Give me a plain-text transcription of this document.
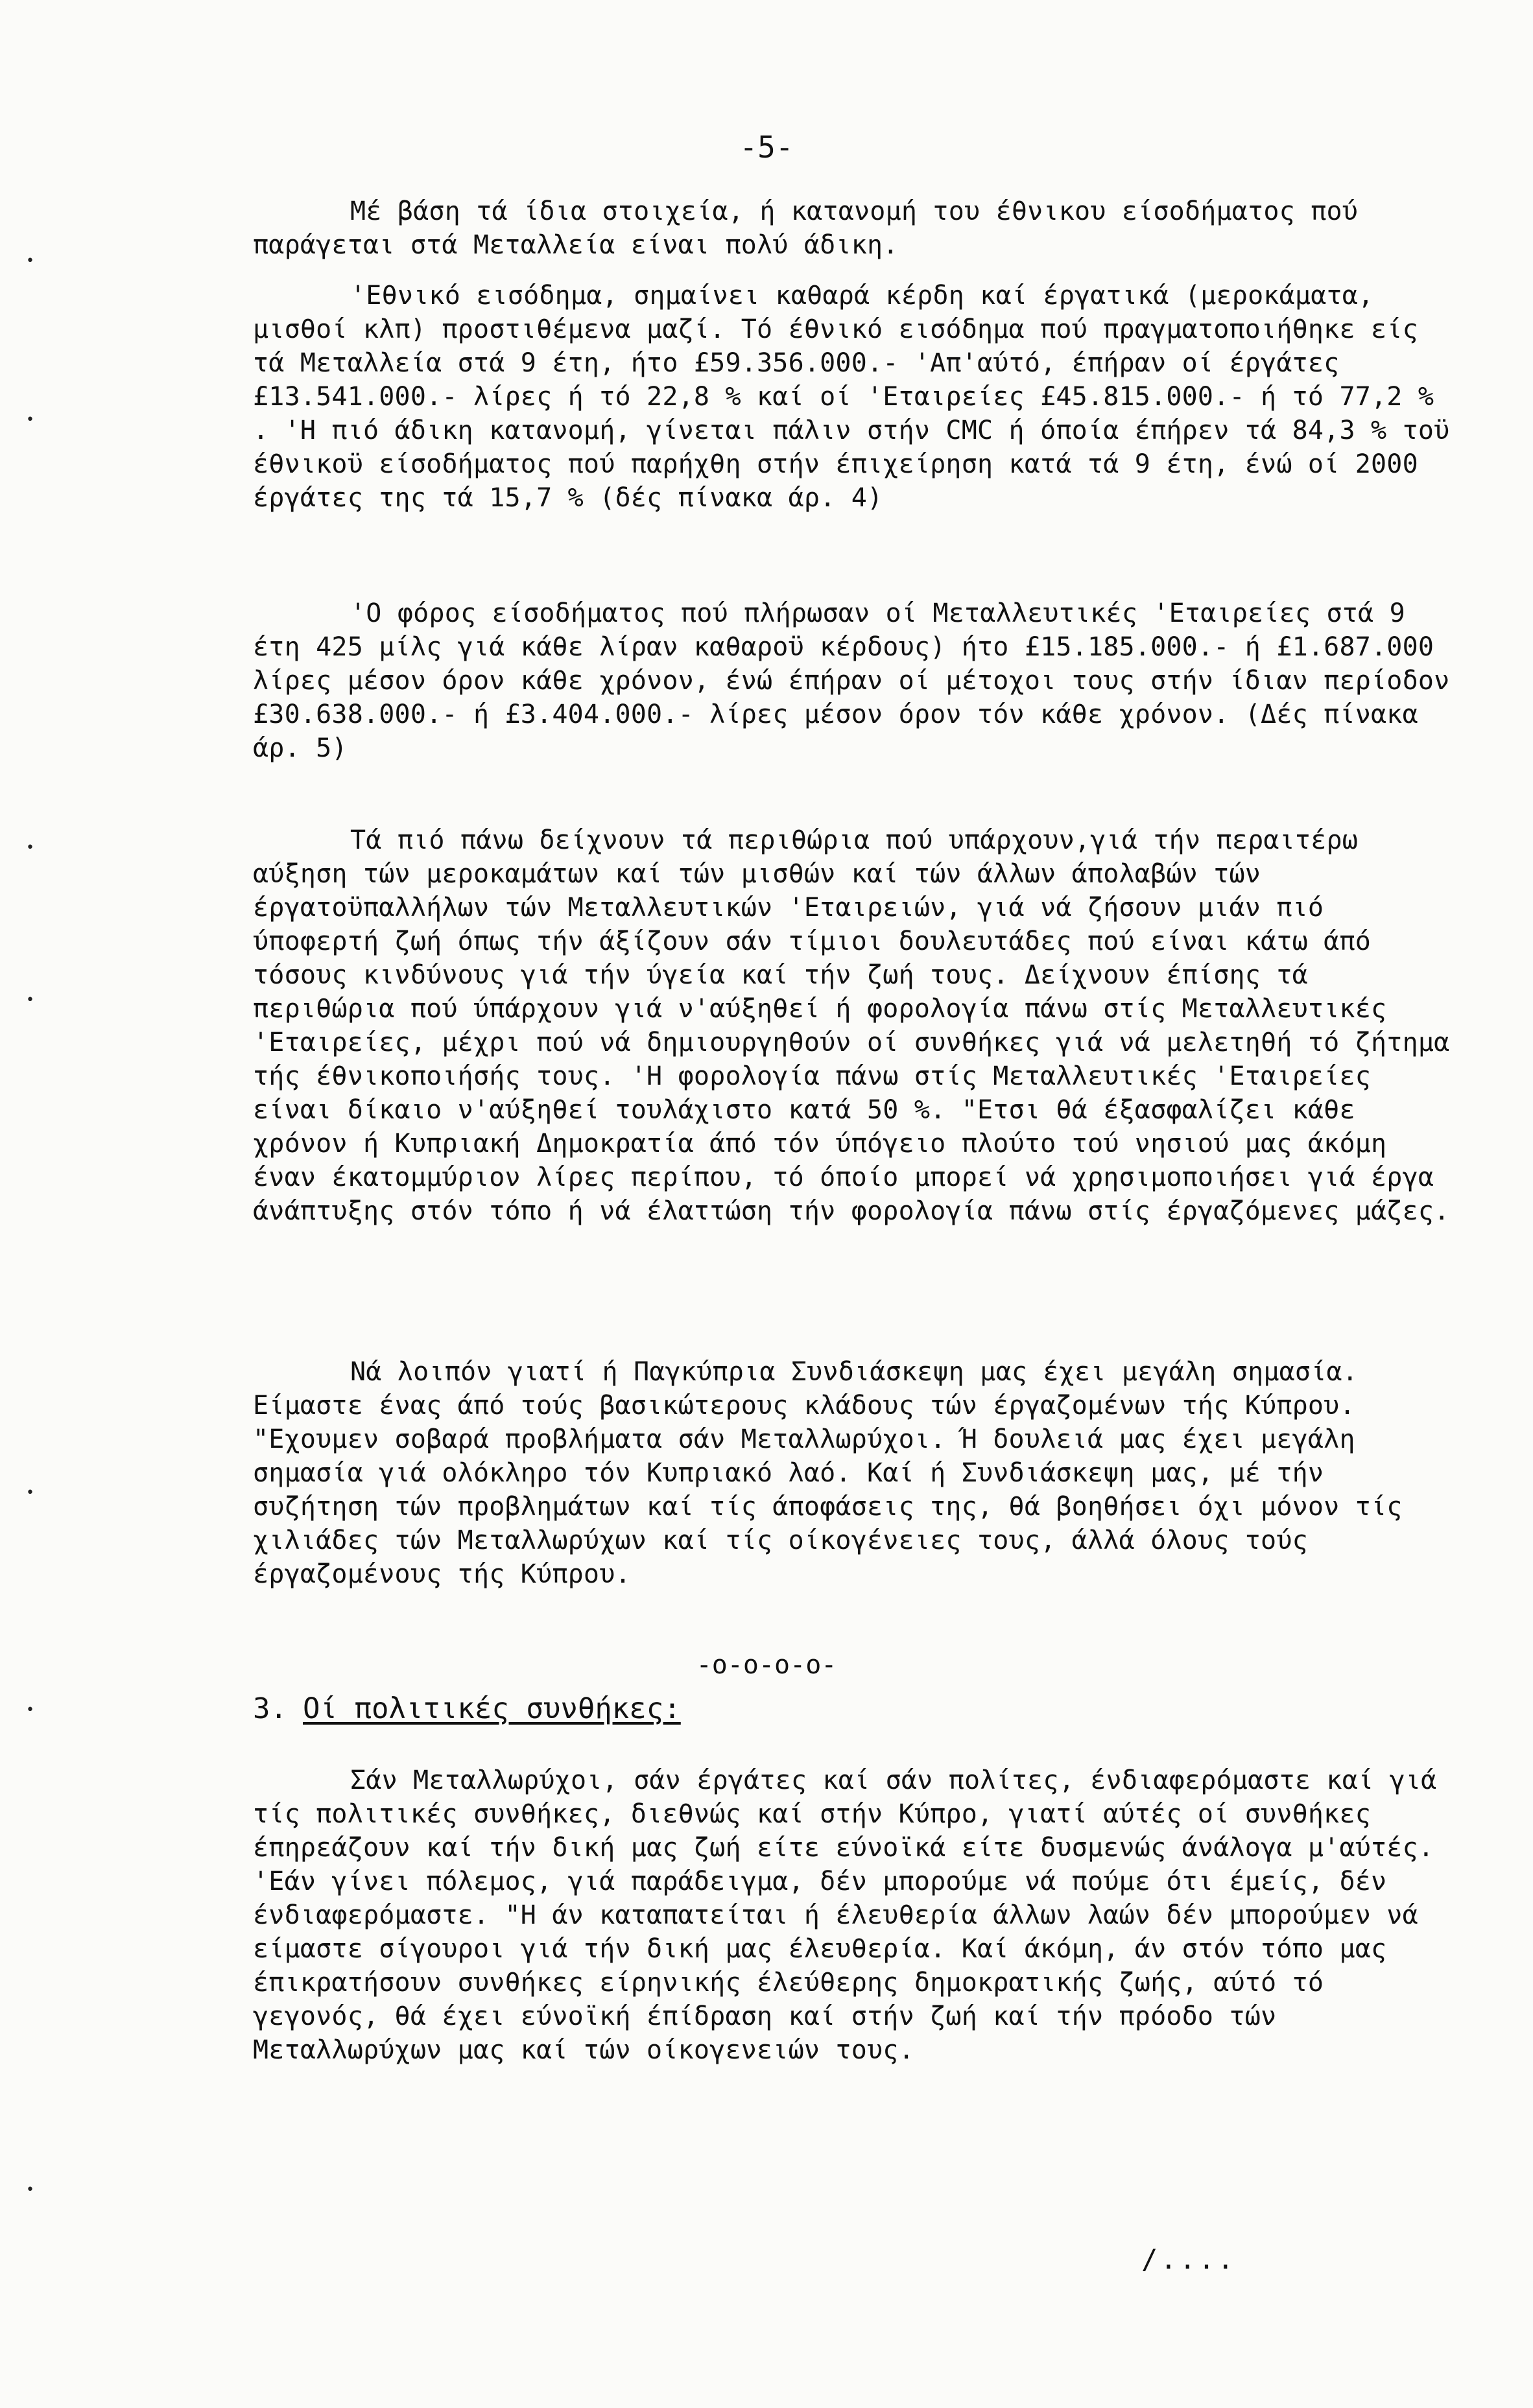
•
•
•
•
•
•
•
-5-

Μέ βάση τά ίδια στοιχεία, ή κατανομή του έθνικου είσοδήματος πού παράγεται στά Μεταλλεία είναι πολύ άδικη.

'Εθνικό εισόδημα, σημαίνει καθαρά κέρδη καί έργατικά (μεροκάματα, μισθοί κλπ) προστιθέμενα μαζί. Τό έθνικό εισόδημα πού πραγματοποιήθηκε είς τά Μεταλλεία στά 9 έτη, ήτο £59.356.000.- 'Απ'αύτό, έπήραν οί έργάτες £13.541.000.- λίρες ή τό 22,8 % καί οί 'Εταιρείες £45.815.000.- ή τό 77,2 % . 'Η πιό άδικη κατανομή, γίνεται πάλιν στήν CMC ή όποία έπήρεν τά 84,3 % τοϋ έθνικοϋ είσοδήματος πού παρήχθη στήν έπιχείρηση κατά τά 9 έτη, ένώ οί 2000 έργάτες της τά 15,7 % (δές πίνακα άρ. 4)

'Ο φόρος είσοδήματος πού πλήρωσαν οί Μεταλλευτικές 'Εταιρείες στά 9 έτη 425 μίλς γιά κάθε λίραν καθαροϋ κέρδους) ήτο £15.185.000.- ή £1.687.000 λίρες μέσον όρον κάθε χρόνον, ένώ έπήραν οί μέτοχοι τους στήν ίδιαν περίοδον £30.638.000.- ή £3.404.000.- λίρες μέσον όρον τόν κάθε χρόνον. (Δές πίνακα άρ. 5)

Τά πιό πάνω δείχνουν τά περιθώρια πού υπάρχουν,γιά τήν περαιτέρω αύξηση τών μεροκαμάτων καί τών μισθών καί τών άλλων άπολαβών τών έργατοϋπαλλήλων τών Μεταλλευτικών 'Εταιρειών, γιά νά ζήσουν μιάν πιό ύποφερτή ζωή όπως τήν άξίζουν σάν τίμιοι δουλευτάδες πού είναι κάτω άπό τόσους κινδύνους γιά τήν ύγεία καί τήν ζωή τους. Δείχνουν έπίσης τά περιθώρια πού ύπάρχουν γιά ν'αύξηθεί ή φορολογία πάνω στίς Μεταλλευτικές 'Εταιρείες, μέχρι πού νά δημιουργηθούν οί συνθήκες γιά νά μελετηθή τό ζήτημα τής έθνικοποιήσής τους. 'Η φορολογία πάνω στίς Μεταλλευτικές 'Εταιρείες είναι δίκαιο ν'αύξηθεί τουλάχιστο κατά 50 %. "Ετσι θά έξασφαλίζει κάθε χρόνον ή Κυπριακή Δημοκρατία άπό τόν ύπόγειο πλούτο τού νησιού μας άκόμη έναν έκατομμύριον λίρες περίπου, τό όποίο μπορεί νά χρησιμοποιήσει γιά έργα άνάπτυξης στόν τόπο ή νά έλαττώση τήν φορολογία πάνω στίς έργαζόμενες μάζες.

Νά λοιπόν γιατί ή Παγκύπρια Συνδιάσκεψη μας έχει μεγάλη σημασία. Είμαστε ένας άπό τούς βασικώτερους κλάδους τών έργαζομένων τής Κύπρου. "Εχουμεν σοβαρά προβλήματα σάν Μεταλλωρύχοι. Ή δουλειά μας έχει μεγάλη σημασία γιά ολόκληρο τόν Κυπριακό λαό. Καί ή Συνδιάσκεψη μας, μέ τήν συζήτηση τών προβλημάτων καί τίς άποφάσεις της, θά βοηθήσει όχι μόνον τίς χιλιάδες τών Μεταλλωρύχων καί τίς οίκογένειες τους, άλλά όλους τούς έργαζομένους τής Κύπρου.

-ο-ο-ο-ο-
3. Οί πολιτικές συνθήκες:

Σάν Μεταλλωρύχοι, σάν έργάτες καί σάν πολίτες, ένδιαφερόμαστε καί γιά τίς πολιτικές συνθήκες, διεθνώς καί στήν Κύπρο, γιατί αύτές οί συνθήκες έπηρεάζουν καί τήν δική μας ζωή είτε εύνοϊκά είτε δυσμενώς άνάλογα μ'αύτές. 'Εάν γίνει πόλεμος, γιά παράδειγμα, δέν μπορούμε νά πούμε ότι έμείς, δέν ένδιαφερόμαστε. "Η άν καταπατείται ή έλευθερία άλλων λαών δέν μπορούμεν νά είμαστε σίγουροι γιά τήν δική μας έλευθερία. Καί άκόμη, άν στόν τόπο μας έπικρατήσουν συνθήκες είρηνικής έλεύθερης δημοκρατικής ζωής, αύτό τό γεγονός, θά έχει εύνοϊκή έπίδραση καί στήν ζωή καί τήν πρόοδο τών Μεταλλωρύχων μας καί τών οίκογενειών τους.

/....
